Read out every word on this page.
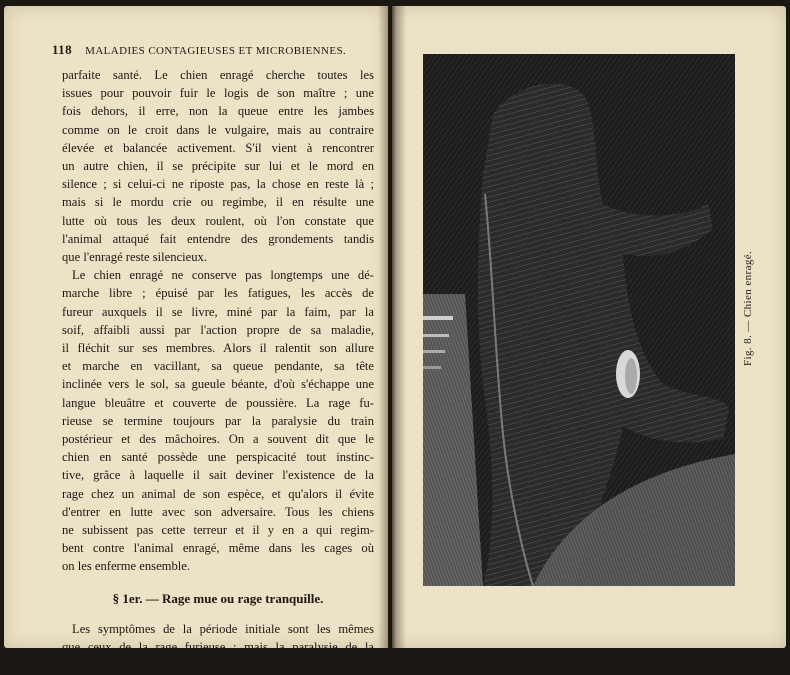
118 MALADIES CONTAGIEUSES ET MICROBIENNES.
parfaite santé. Le chien enragé cherche toutes les
issues pour pouvoir fuir le logis de son maître ; une
fois dehors, il erre, non la queue entre les jambes
comme on le croit dans le vulgaire, mais au contraire
élevée et balancée activement. S'il vient à rencontrer
un autre chien, il se précipite sur lui et le mord en
silence ; si celui-ci ne riposte pas, la chose en reste là ;
mais si le mordu crie ou regimbe, il en résulte une
lutte où tous les deux roulent, où l'on constate que
l'animal attaqué fait entendre des grondements tandis
que l'enragé reste silencieux.
Le chien enragé ne conserve pas longtemps une dé-
marche libre ; épuisé par les fatigues, les accès de
fureur auxquels il se livre, miné par la faim, par la
soif, affaibli aussi par l'action propre de sa maladie,
il fléchit sur ses membres. Alors il ralentit son allure
et marche en vacillant, sa queue pendante, sa tête
inclinée vers le sol, sa gueule béante, d'où s'échappe une
langue bleuâtre et couverte de poussière. La rage fu-
rieuse se termine toujours par la paralysie du train
postérieur et des mâchoires. On a souvent dit que le
chien en santé possède une perspicacité tout instinc-
tive, grâce à laquelle il sait deviner l'existence de la
rage chez un animal de son espèce, et qu'alors il évite
d'entrer en lutte avec son adversaire. Tous les chiens
ne subissent pas cette terreur et il y en a qui regim-
bent contre l'animal enragé, même dans les cages où
on les enferme ensemble.
§ 1er. — Rage mue ou rage tranquille.
Les symptômes de la période initiale sont les mêmes
que ceux de la rage furieuse ; mais la paralysie de la
mâchoire inférieure se manifeste soit d'emblée, soit
Fig. 8. — Chien enragé.
